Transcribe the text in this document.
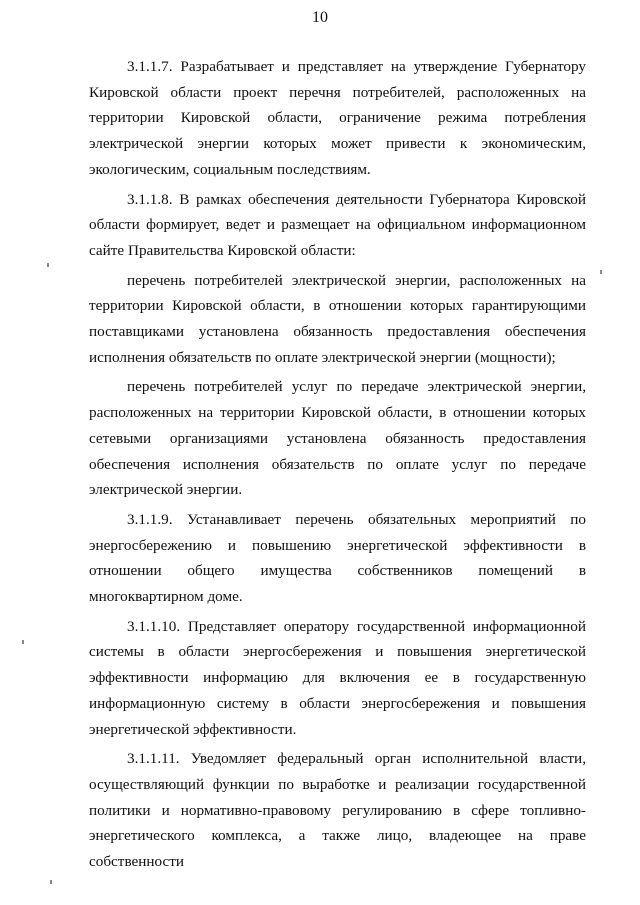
10

3.1.1.7. Разрабатывает и представляет на утверждение Губернатору Кировской области проект перечня потребителей, расположенных на территории Кировской области, ограничение режима потребления электрической энергии которых может привести к экономическим, экологическим, социальным последствиям.

3.1.1.8. В рамках обеспечения деятельности Губернатора Кировской области формирует, ведет и размещает на официальном информационном сайте Правительства Кировской области:

перечень потребителей электрической энергии, расположенных на территории Кировской области, в отношении которых гарантирующими поставщиками установлена обязанность предоставления обеспечения исполнения обязательств по оплате электрической энергии (мощности);

перечень потребителей услуг по передаче электрической энергии, расположенных на территории Кировской области, в отношении которых сетевыми организациями установлена обязанность предоставления обеспечения исполнения обязательств по оплате услуг по передаче электрической энергии.

3.1.1.9. Устанавливает перечень обязательных мероприятий по энергосбережению и повышению энергетической эффективности в отношении общего имущества собственников помещений в многоквартирном доме.

3.1.1.10. Представляет оператору государственной информационной системы в области энергосбережения и повышения энергетической эффективности информацию для включения ее в государственную информационную систему в области энергосбережения и повышения энергетической эффективности.

3.1.1.11. Уведомляет федеральный орган исполнительной власти, осуществляющий функции по выработке и реализации государственной политики и нормативно-правовому регулированию в сфере топливно-энергетического комплекса, а также лицо, владеющее на праве собственности
